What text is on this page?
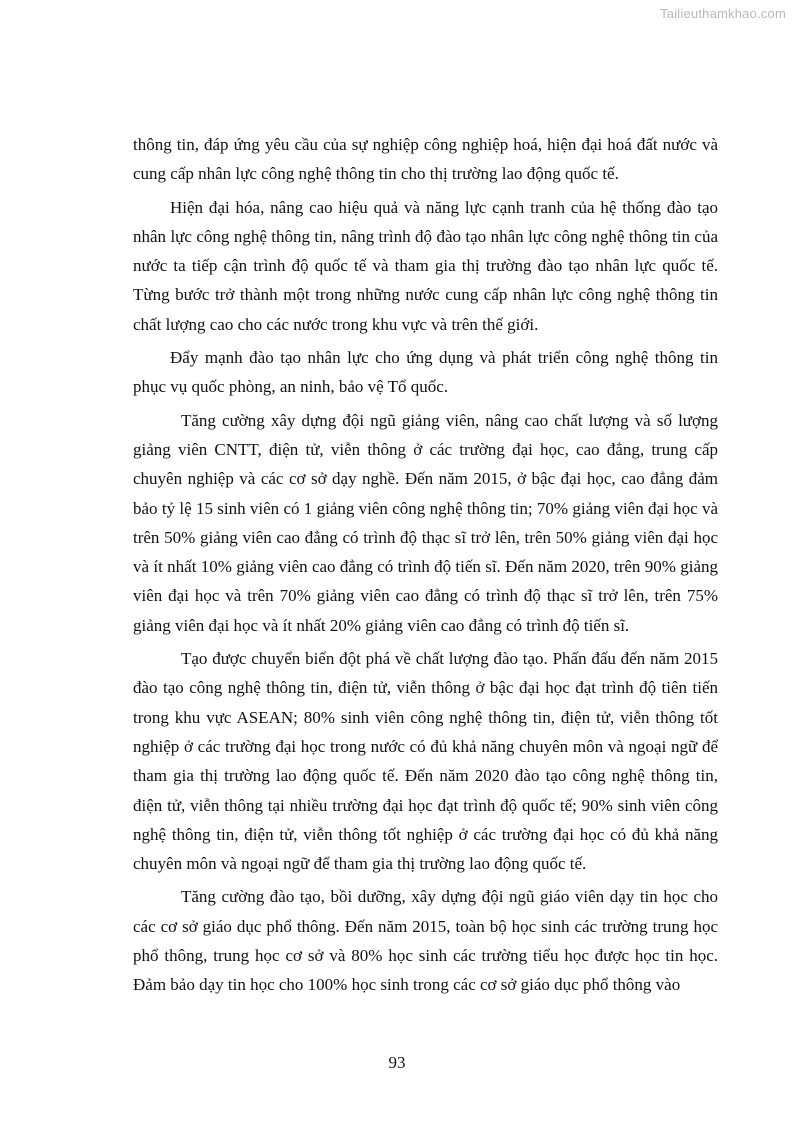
Tailieuthamkhao.com

thông tin, đáp ứng yêu cầu của sự nghiệp công nghiệp hoá, hiện đại hoá đất nước và cung cấp nhân lực công nghệ thông tin cho thị trường lao động quốc tế.

Hiện đại hóa, nâng cao hiệu quả và năng lực cạnh tranh của hệ thống đào tạo nhân lực công nghệ thông tin, nâng trình độ đào tạo nhân lực công nghệ thông tin của nước ta tiếp cận trình độ quốc tế và tham gia thị trường đào tạo nhân lực quốc tế. Từng bước trở thành một trong những nước cung cấp nhân lực công nghệ thông tin chất lượng cao cho các nước trong khu vực và trên thế giới.

Đẩy mạnh đào tạo nhân lực cho ứng dụng và phát triển công nghệ thông tin phục vụ quốc phòng, an ninh, bảo vệ Tổ quốc.

Tăng cường xây dựng đội ngũ giảng viên, nâng cao chất lượng và số lượng giảng viên CNTT, điện tử, viễn thông ở các trường đại học, cao đẳng, trung cấp chuyên nghiệp và các cơ sở dạy nghề. Đến năm 2015, ở bậc đại học, cao đẳng đảm bảo tỷ lệ 15 sinh viên có 1 giảng viên công nghệ thông tin; 70% giảng viên đại học và trên 50% giảng viên cao đẳng có trình độ thạc sĩ trở lên, trên 50% giảng viên đại học và ít nhất 10% giảng viên cao đẳng có trình độ tiến sĩ. Đến năm 2020, trên 90% giảng viên đại học và trên 70% giảng viên cao đẳng có trình độ thạc sĩ trở lên, trên 75% giảng viên đại học và ít nhất 20% giảng viên cao đẳng có trình độ tiến sĩ.

Tạo được chuyển biến đột phá về chất lượng đào tạo. Phấn đấu đến năm 2015 đào tạo công nghệ thông tin, điện tử, viễn thông ở bậc đại học đạt trình độ tiên tiến trong khu vực ASEAN; 80% sinh viên công nghệ thông tin, điện tử, viễn thông tốt nghiệp ở các trường đại học trong nước có đủ khả năng chuyên môn và ngoại ngữ để tham gia thị trường lao động quốc tế. Đến năm 2020 đào tạo công nghệ thông tin, điện tử, viễn thông tại nhiều trường đại học đạt trình độ quốc tế; 90% sinh viên công nghệ thông tin, điện tử, viễn thông tốt nghiệp ở các trường đại học có đủ khả năng chuyên môn và ngoại ngữ để tham gia thị trường lao động quốc tế.

Tăng cường đào tạo, bồi dưỡng, xây dựng đội ngũ giáo viên dạy tin học cho các cơ sở giáo dục phổ thông. Đến năm 2015, toàn bộ học sinh các trường trung học phổ thông, trung học cơ sở và 80% học sinh các trường tiểu học được học tin học. Đảm bảo dạy tin học cho 100% học sinh trong các cơ sở giáo dục phổ thông vào

93
